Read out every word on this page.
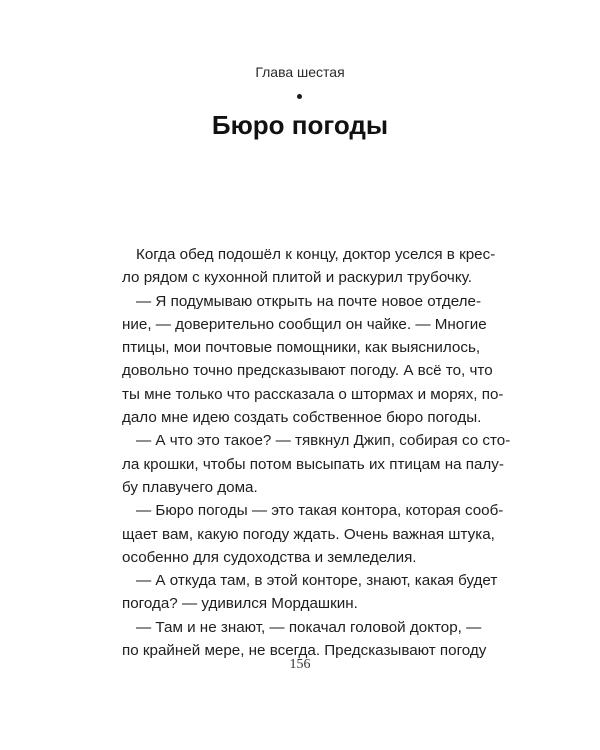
Глава шестая
Бюро погоды
Когда обед подошёл к концу, доктор уселся в крес-
ло рядом с кухонной плитой и раскурил трубочку.
— Я подумываю открыть на почте новое отделе-
ние, — доверительно сообщил он чайке. — Многие
птицы, мои почтовые помощники, как выяснилось,
довольно точно предсказывают погоду. А всё то, что
ты мне только что рассказала о штормах и морях, по-
дало мне идею создать собственное бюро погоды.
— А что это такое? — тявкнул Джип, собирая со сто-
ла крошки, чтобы потом высыпать их птицам на палу-
бу плавучего дома.
— Бюро погоды — это такая контора, которая сооб-
щает вам, какую погоду ждать. Очень важная штука,
особенно для судоходства и земледелия.
— А откуда там, в этой конторе, знают, какая будет
погода? — удивился Мордашкин.
— Там и не знают, — покачал головой доктор, —
по крайней мере, не всегда. Предсказывают погоду
156
